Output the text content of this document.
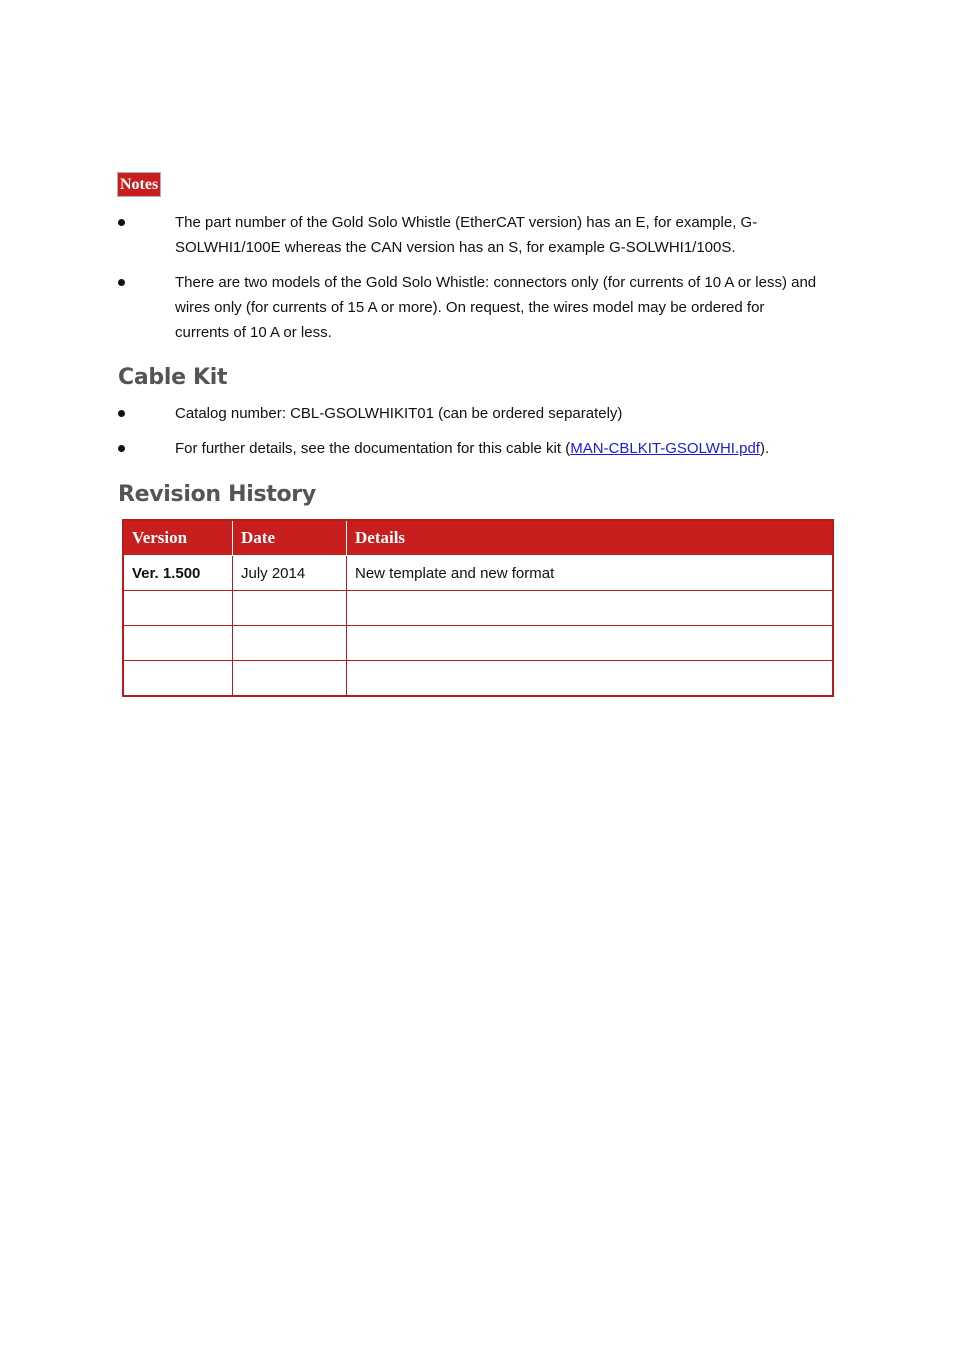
Notes
The part number of the Gold Solo Whistle (EtherCAT version) has an E, for example, G-SOLWHI1/100E whereas the CAN version has an S, for example G-SOLWHI1/100S.
There are two models of the Gold Solo Whistle: connectors only (for currents of 10 A or less) and wires only (for currents of 15 A or more). On request, the wires model may be ordered for currents of 10 A or less.
Cable Kit
Catalog number: CBL-GSOLWHIKIT01 (can be ordered separately)
For further details, see the documentation for this cable kit (MAN-CBLKIT-GSOLWHI.pdf).
Revision History
Version	Date	Details
Ver. 1.500	July 2014	New template and new format
